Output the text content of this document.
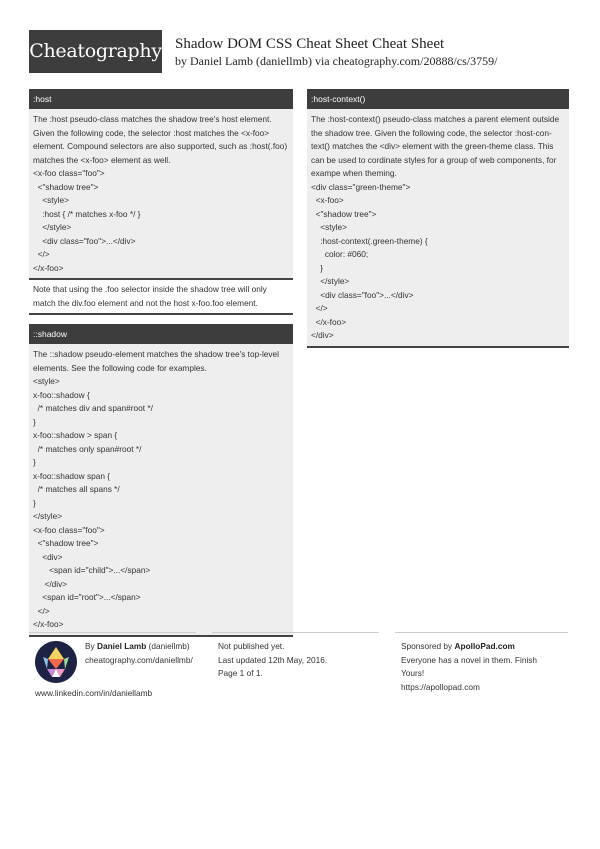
Cheatography Shadow DOM CSS Cheat Sheet Cheat Sheet
by Daniel Lamb (daniellmb) via cheatography.com/20888/cs/3759/
:host
The :host pseudo-class matches the shadow tree's host element.
Given the following code, the selector :host matches the <x-foo>
element. Compound selectors are also supported, such as :host(.foo)
matches the <x-foo> element as well.
<x-foo class="foo">
<"shadow tree">
<style>
:host { /* matches x-foo */ }
</style>
<div class="foo">...</div>
</>
</x-foo>
Note that using the .foo selector inside the shadow tree will only
match the div.foo element and not the host x-foo.foo element.
::shadow
The ::shadow pseudo-element matches the shadow tree's top-level
elements. See the following code for examples.
<style>
x-foo::shadow {
/* matches div and span#root */
}
x-foo::shadow > span {
/* matches only span#root */
}
x-foo::shadow span {
/* matches all spans */
}
</style>
<x-foo class="foo">
<"shadow tree">
<div>
<span id="child">...</span>
</div>
<span id="root">...</span>
</>
</x-foo>
:host-context()
The :host-context() pseudo-class matches a parent element outside
the shadow tree. Given the following code, the selector :host-con-
text() matches the <div> element with the green-theme class. This
can be used to cordinate styles for a group of web components, for
exampe when theming.
<div class="green-theme">
<x-foo>
<"shadow tree">
<style>
:host-context(.green-theme) {
color: #060;
}
</style>
<div class="foo">...</div>
</>
</x-foo>
</div>
By Daniel Lamb (daniellmb)
cheatography.com/daniellmb/
www.linkedin.com/in/daniellamb
Not published yet.
Last updated 12th May, 2016.
Page 1 of 1.
Sponsored by ApolloPad.com
Everyone has a novel in them. Finish
Yours!
https://apollopad.com
